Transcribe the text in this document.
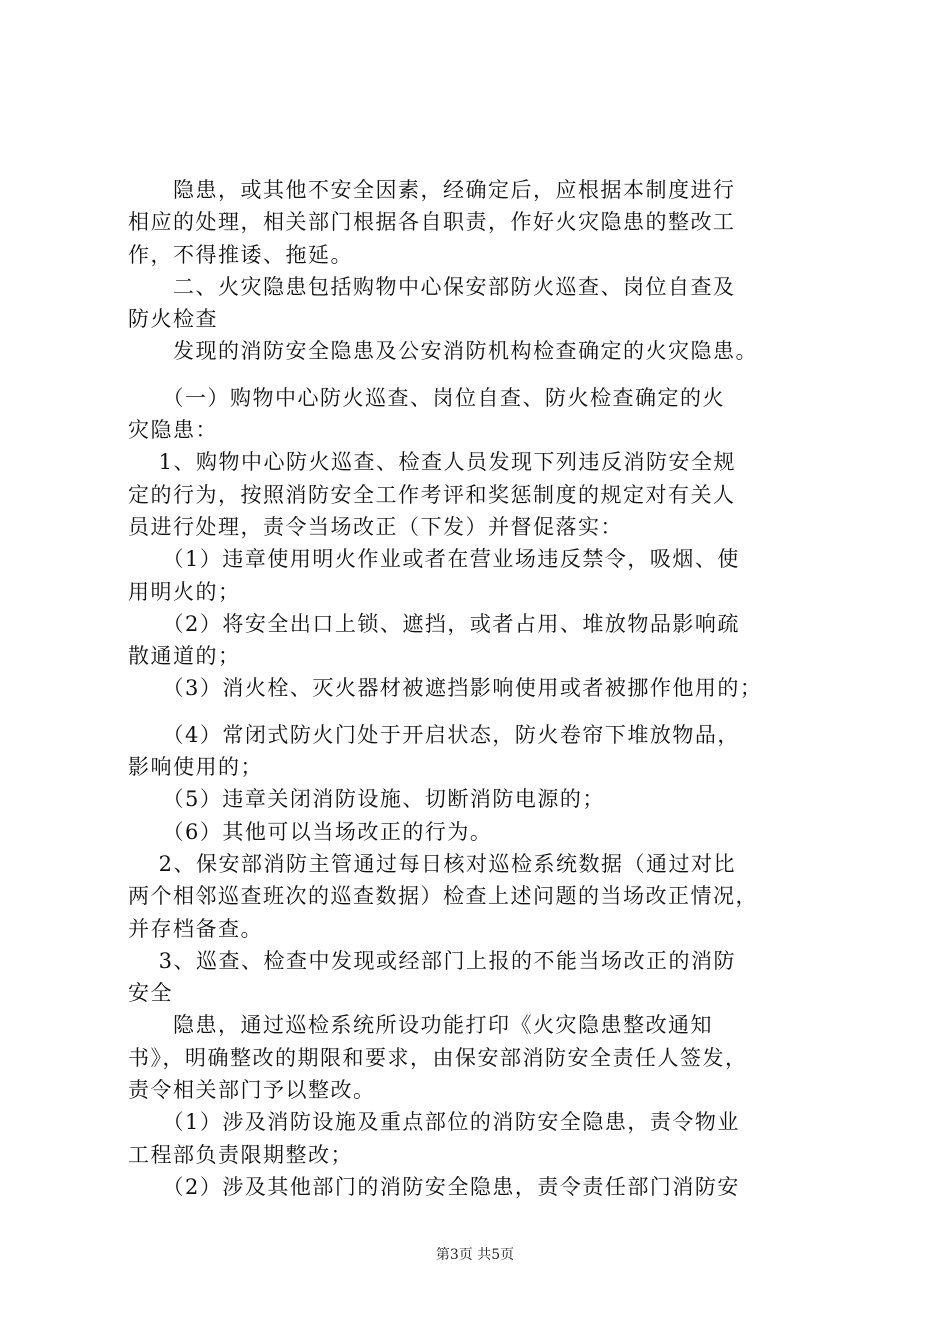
　　隐患，或其他不安全因素，经确定后，应根据本制度进行

相应的处理，相关部门根据各自职责，作好火灾隐患的整改工

作，不得推诿、拖延。

　　二、火灾隐患包括购物中心保安部防火巡查、岗位自查及

防火检查

　　发现的消防安全隐患及公安消防机构检查确定的火灾隐患。

　　（一）购物中心防火巡查、岗位自查、防火检查确定的火

灾隐患：

　 1、购物中心防火巡查、检查人员发现下列违反消防安全规

定的行为，按照消防安全工作考评和奖惩制度的规定对有关人

员进行处理，责令当场改正（下发）并督促落实：

　　（1）违章使用明火作业或者在营业场违反禁令，吸烟、使

用明火的；

　　（2）将安全出口上锁、遮挡，或者占用、堆放物品影响疏

散通道的；

　　（3）消火栓、灭火器材被遮挡影响使用或者被挪作他用的；

　　（4）常闭式防火门处于开启状态，防火卷帘下堆放物品，

影响使用的；

　　（5）违章关闭消防设施、切断消防电源的；

　　（6）其他可以当场改正的行为。

　 2、保安部消防主管通过每日核对巡检系统数据（通过对比

两个相邻巡查班次的巡查数据）检查上述问题的当场改正情况，

并存档备查。

　 3、巡查、检查中发现或经部门上报的不能当场改正的消防

安全

　　隐患，通过巡检系统所设功能打印《火灾隐患整改通知

书》，明确整改的期限和要求，由保安部消防安全责任人签发，

责令相关部门予以整改。

　　（1）涉及消防设施及重点部位的消防安全隐患，责令物业

工程部负责限期整改；

　　（2）涉及其他部门的消防安全隐患，责令责任部门消防安

第3页 共5页
